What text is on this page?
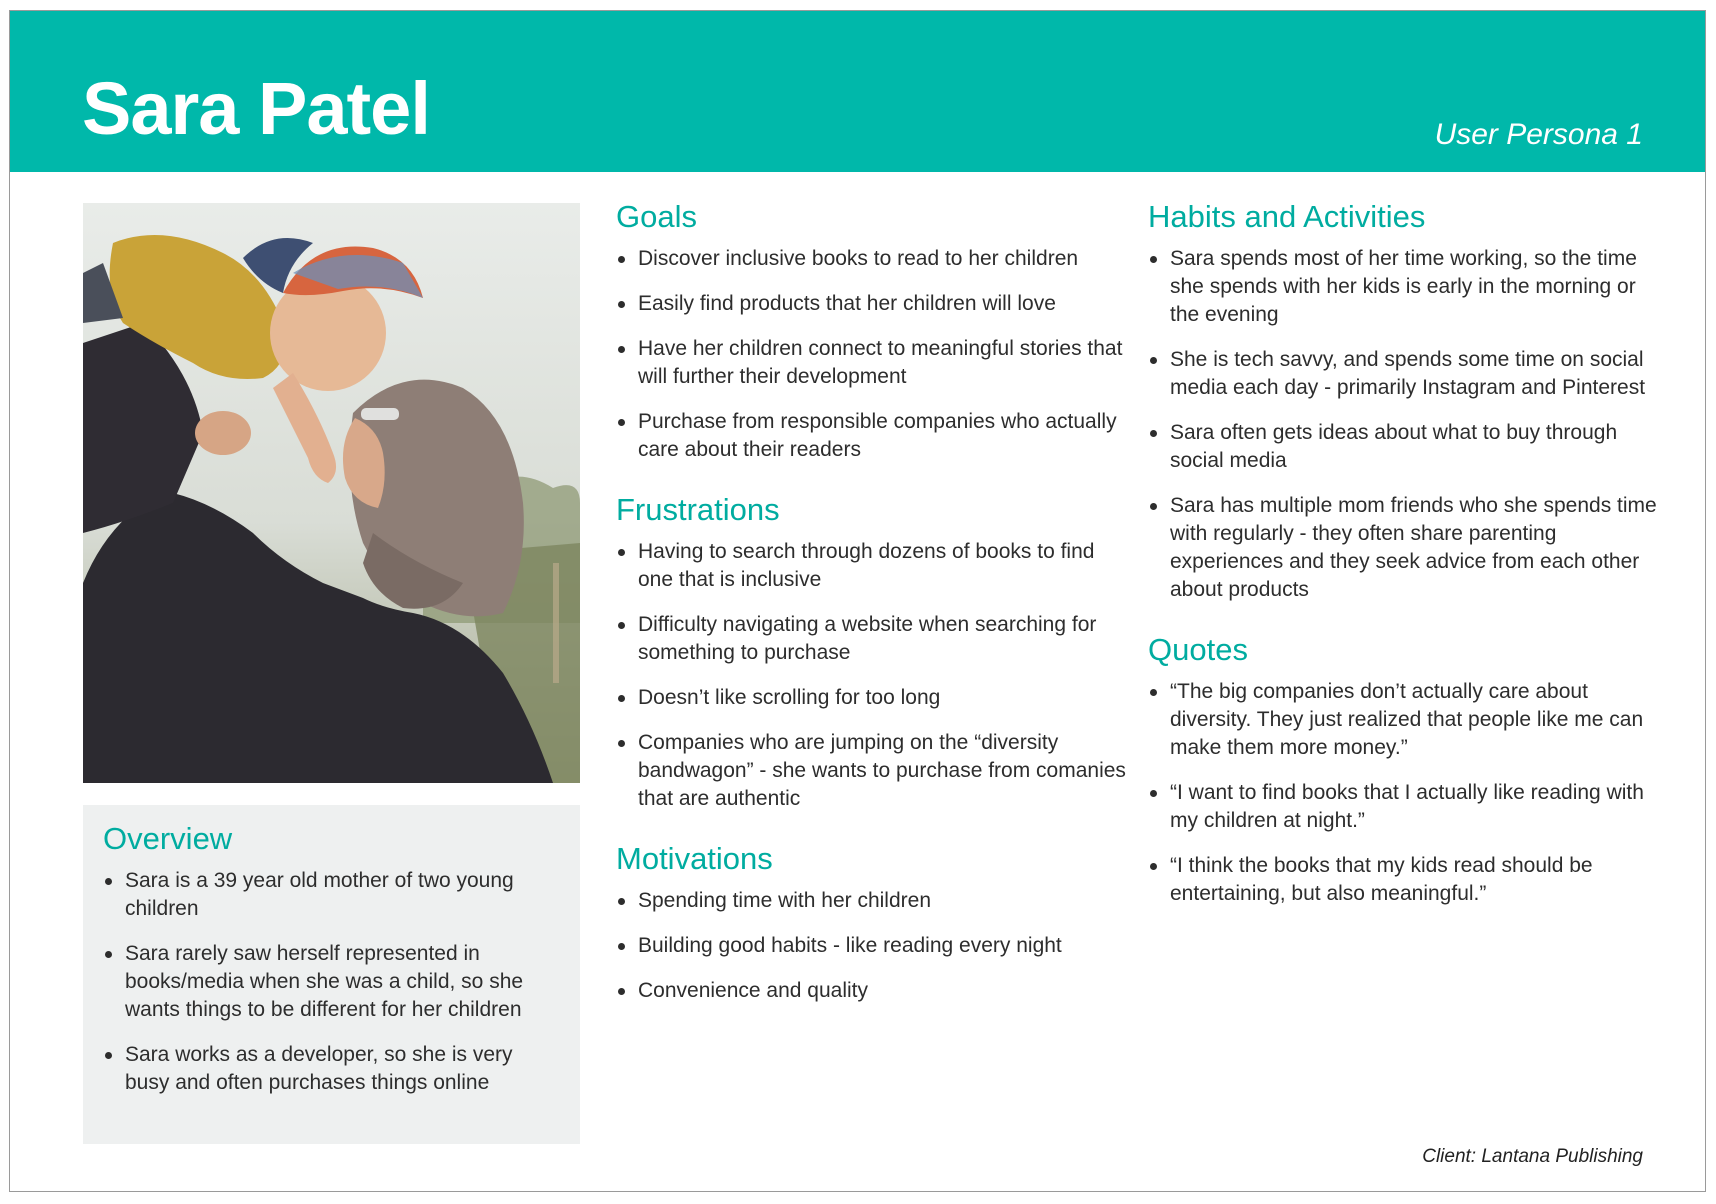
Sara Patel	User Persona 1
Overview
Sara is a 39 year old mother of two young children
Sara rarely saw herself represented in books/media when she was a child, so she wants things to be different for her children
Sara works as a developer, so she is very busy and often purchases things online
Goals
Discover inclusive books to read to her children
Easily find products that her children will love
Have her children connect to meaningful stories that will further their development
Purchase from responsible companies who actually care about their readers
Frustrations
Having to search through dozens of books to find one that is inclusive
Difficulty navigating a website when searching for something to purchase
Doesn’t like scrolling for too long
Companies who are jumping on the “diversity bandwagon” - she wants to purchase from comanies that are authentic
Motivations
Spending time with her children
Building good habits - like reading every night
Convenience and quality
Habits and Activities
Sara spends most of her time working, so the time she spends with her kids is early in the morning or the evening
She is tech savvy, and spends some time on social media each day - primarily Instagram and Pinterest
Sara often gets ideas about what to buy through social media
Sara has multiple mom friends who she spends time with regularly - they often share parenting experiences and they seek advice from each other about products
Quotes
“The big companies don’t actually care about diversity. They just realized that people like me can make them more money.”
“I want to find books that I actually like reading with my children at night.”
“I think the books that my kids read should be entertaining, but also meaningful.”
Client: Lantana Publishing
